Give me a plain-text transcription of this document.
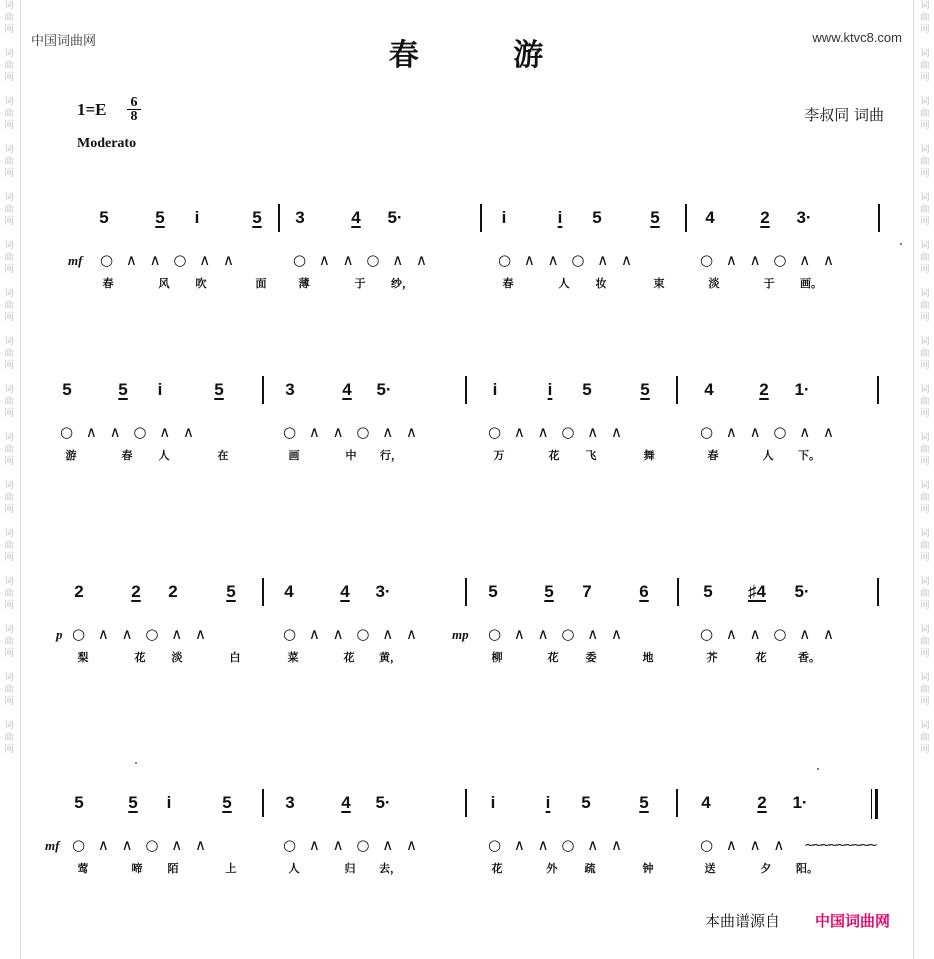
词
曲
网

词
曲
网

词
曲
网

词
曲
网

词
曲
网

词
曲
网

词
曲
网

词
曲
网

词
曲
网

词
曲
网

词
曲
网

词
曲
网

词
曲
网

词
曲
网

词
曲
网

词
曲
网

词
曲
网

词
曲
网

词
曲
网

词
曲
网

词
曲
网

词
曲
网

词
曲
网

词
曲
网

词
曲
网

词
曲
网

词
曲
网

词
曲
网

词
曲
网

词
曲
网

词
曲
网

词
曲
网

中国词曲网	www.ktvc8.com
春 游
$1=E \frac{6}{8}$
Moderato
李叔同 词曲
5	5	i	5 3	4 5·	i	i	5	5	4	2 3·
○ ∧ ∧ ○ ∧ ∧	○ ∧ ∧ ○ ∧ ∧	○ ∧ ∧ ○ ∧ ∧	○ ∧ ∧ ○ ∧ ∧
mf
春	风 吹	面	薄	于 纱，	春	人 妆	束	淡	于 画。
5	5	i	5	3	4 5·	i	i	5	5	4	2 1·
○ ∧ ∧ ○ ∧ ∧	○ ∧ ∧ ○ ∧ ∧	○ ∧ ∧ ○ ∧ ∧	○ ∧ ∧ ○ ∧ ∧
游	春 人	在	画	中 行，	万	花 飞	舞	春	人 下。
2	2 2	5	4	4 3·	5	5 7	6	5 ♯4 5·
○ ∧ ∧ ○ ∧ ∧	○ ∧ ∧ ○ ∧ ∧	○ ∧ ∧ ○ ∧ ∧	○ ∧ ∧ ○ ∧ ∧
p	mp
梨	花 淡	白	菜	花 黄，	柳	花 委	地	芥	花	香。
5	5	i	5	3	4 5·	i	i	5	5	4	2 1·
○ ∧ ∧ ○ ∧ ∧	○ ∧ ∧ ○ ∧ ∧	○ ∧ ∧ ○ ∧ ∧	○ ∧ ∧ ∧ ~~~~~~~~~
mf
莺	啼 陌	上	人	归 去，	花	外 疏	钟	送	夕 阳。
本曲谱源自 中国词曲网
